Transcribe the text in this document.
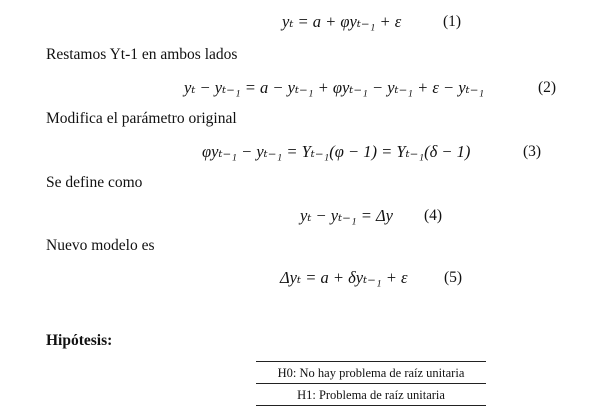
yₜ = a + φyₜ₋₁ + ε	(1)
Restamos Yt-1 en ambos lados
yₜ − yₜ₋₁ = a − yₜ₋₁ + φyₜ₋₁ − yₜ₋₁ + ε − yₜ₋₁	(2)
Modifica el parámetro original
φyₜ₋₁ − yₜ₋₁ = Yₜ₋₁(φ − 1) = Yₜ₋₁(δ − 1)	(3)
Se define como
yₜ − yₜ₋₁ = Δy (4)
Nuevo modelo es
Δyₜ = a + δyₜ₋₁ + ε (5)
Hipótesis:
H0: No hay problema de raíz unitaria
H1: Problema de raíz unitaria
